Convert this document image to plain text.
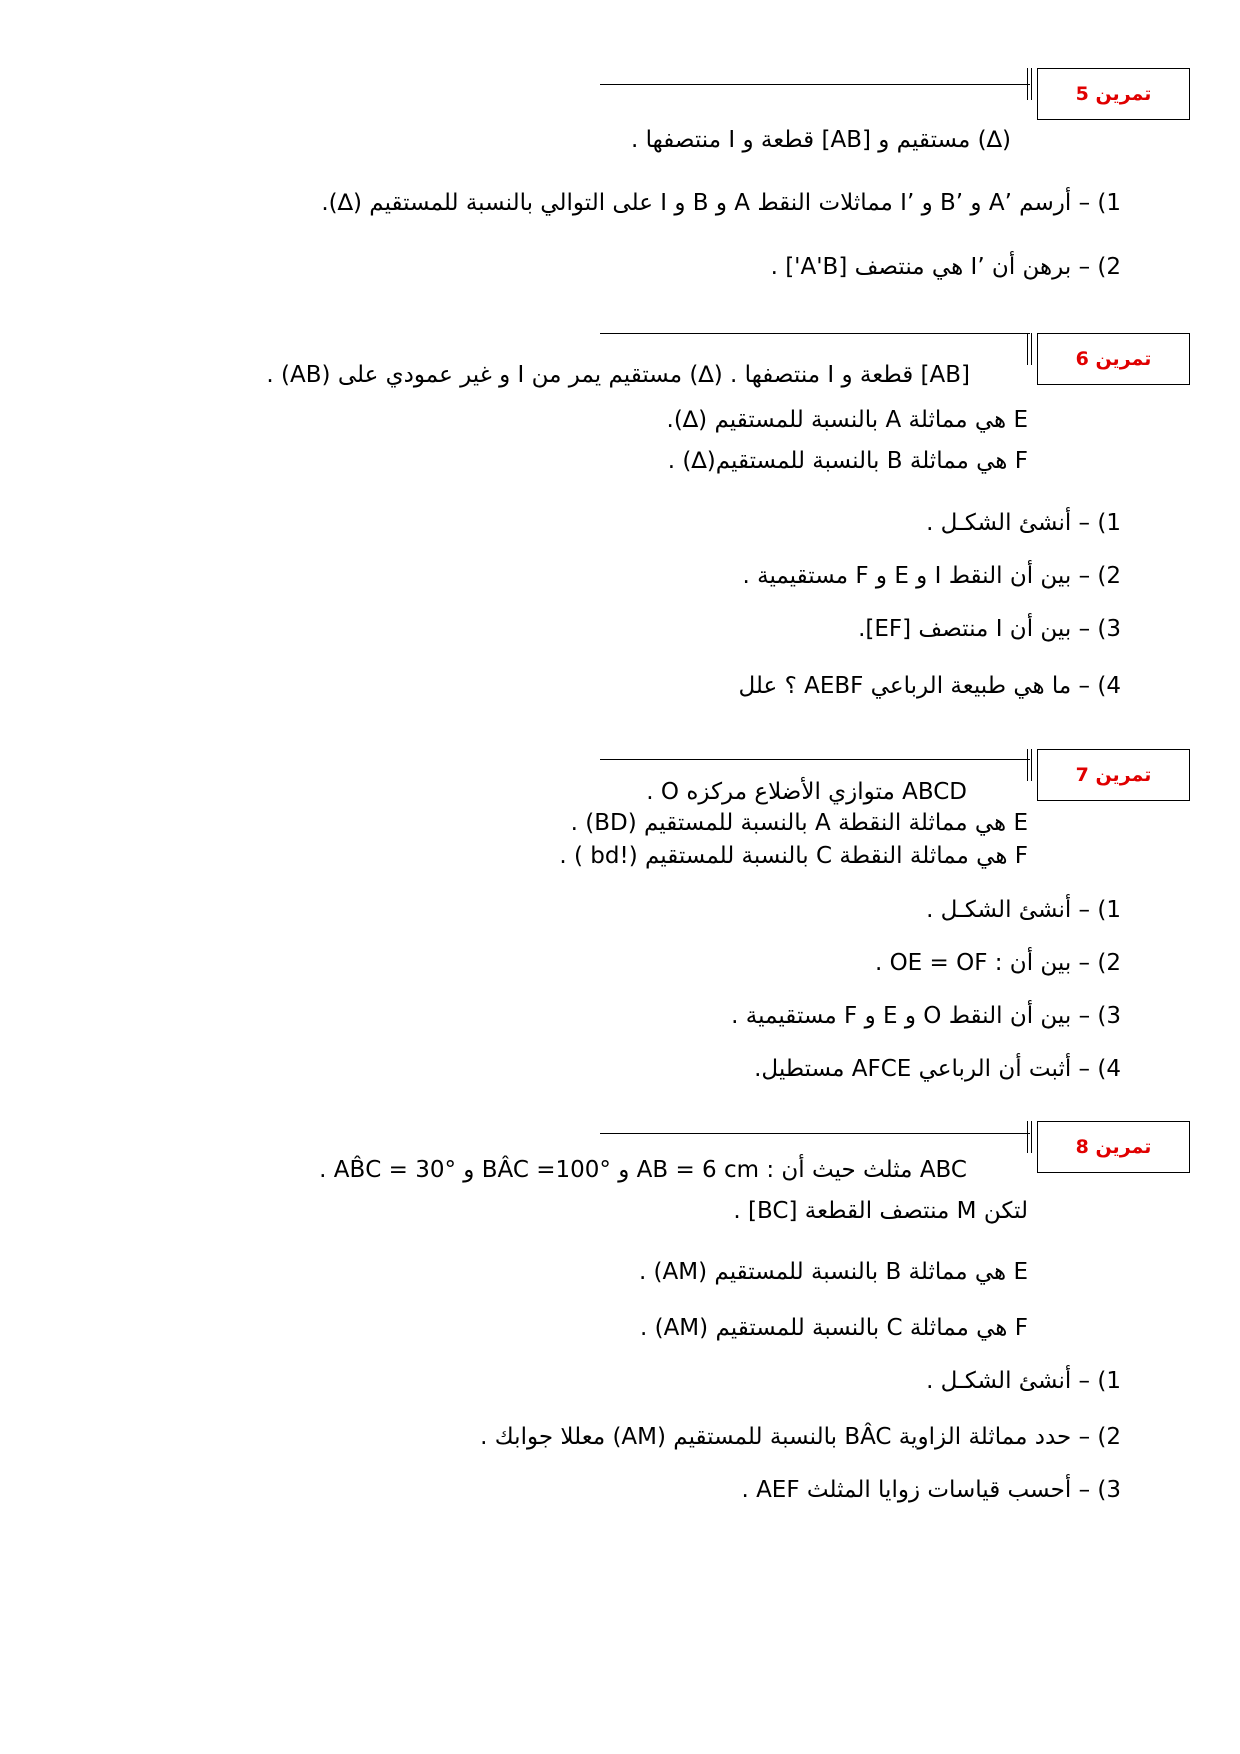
تمرين 5
(∆) مستقيم و [AB] قطعة و I منتصفها .
1) – أرسم ’A و ’B و ’I مماثلات النقط A و B و I على التوالي بالنسبة للمستقيم (∆).
2) – برهن أن ’I هي منتصف [A'B'] .
تمرين 6
[AB] قطعة و I منتصفها . (∆) مستقيم يمر من I و غير عمودي على (AB) .
E هي مماثلة A بالنسبة للمستقيم (∆).
F هي مماثلة B بالنسبة للمستقيم(∆) .
1) – أنشئ الشكـل .
2) – بين أن النقط I و E و F مستقيمية .
3) – بين أن I منتصف [EF].
4) – ما هي طبيعة الرباعي AEBF ؟ علل
تمرين 7
ABCD متوازي الأضلاع مركزه O .
E هي مماثلة النقطة A بالنسبة للمستقيم (BD) .
F هي مماثلة النقطة C بالنسبة للمستقيم (!bd ) .
1) – أنشئ الشكـل .
2) – بين أن : OE = OF .
3) – بين أن النقط O و E و F مستقيمية .
4) – أثبت أن الرباعي AFCE مستطيل.
تمرين 8
ABC مثلث حيث أن : AB = 6 cm و BÂC =100° و AB̂C = 30° .
لتكن M منتصف القطعة [BC] .
E هي مماثلة B بالنسبة للمستقيم (AM) .
F هي مماثلة C بالنسبة للمستقيم (AM) .
1) – أنشئ الشكـل .
2) – حدد مماثلة الزاوية BÂC بالنسبة للمستقيم (AM) معللا جوابك .
3) – أحسب قياسات زوايا المثلث AEF .
